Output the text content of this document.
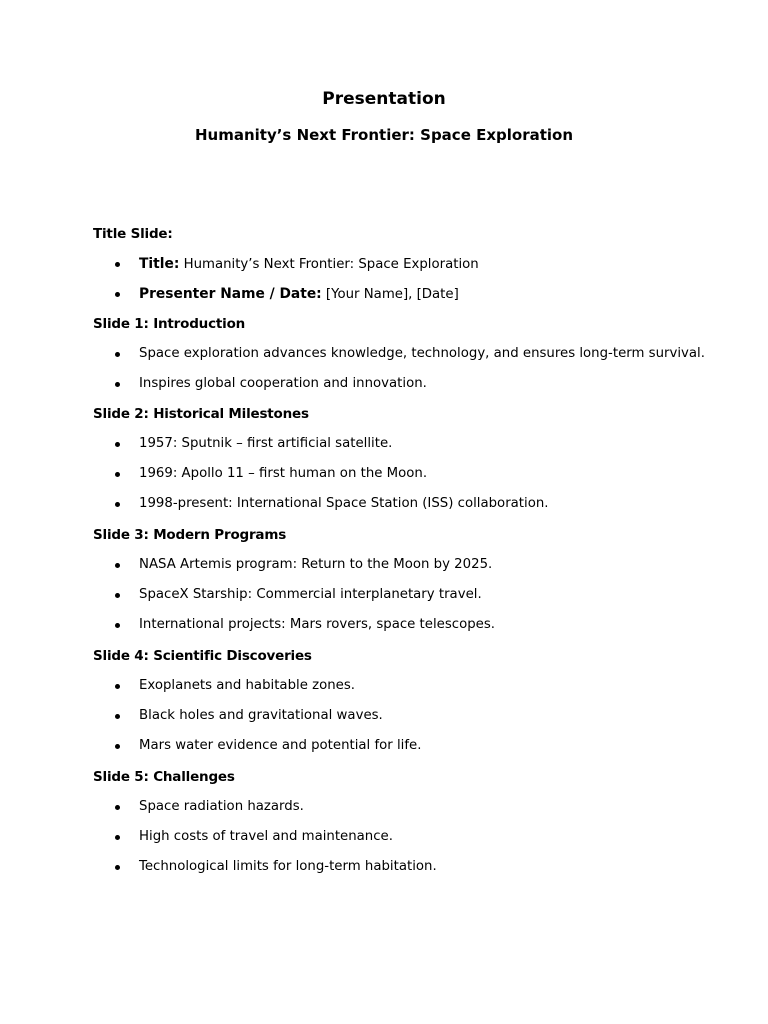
Presentation
Humanity’s Next Frontier: Space Exploration
Title Slide:
Title: Humanity’s Next Frontier: Space Exploration
Presenter Name / Date: [Your Name], [Date]
Slide 1: Introduction
Space exploration advances knowledge, technology, and ensures long-term survival.
Inspires global cooperation and innovation.
Slide 2: Historical Milestones
1957: Sputnik – first artificial satellite.
1969: Apollo 11 – first human on the Moon.
1998-present: International Space Station (ISS) collaboration.
Slide 3: Modern Programs
NASA Artemis program: Return to the Moon by 2025.
SpaceX Starship: Commercial interplanetary travel.
International projects: Mars rovers, space telescopes.
Slide 4: Scientific Discoveries
Exoplanets and habitable zones.
Black holes and gravitational waves.
Mars water evidence and potential for life.
Slide 5: Challenges
Space radiation hazards.
High costs of travel and maintenance.
Technological limits for long-term habitation.
